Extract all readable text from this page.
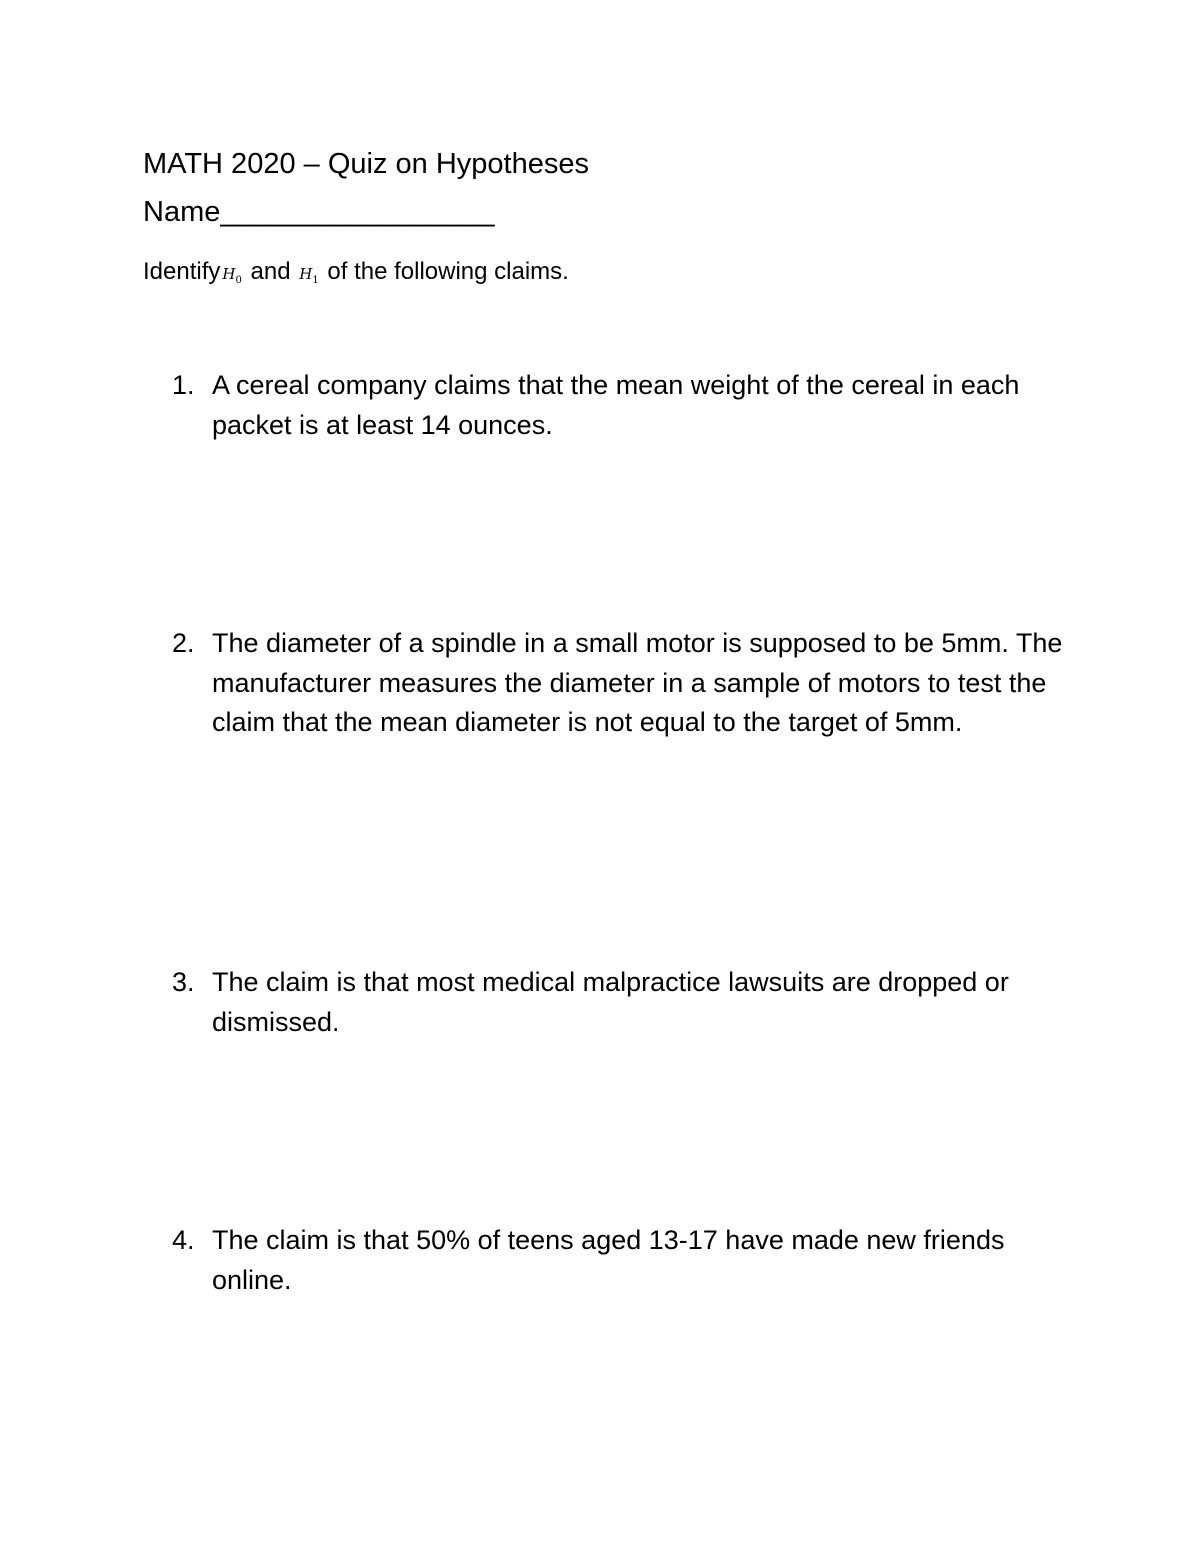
MATH 2020 – Quiz on Hypotheses
Name_________________
Identify $H_0$ and $H_1$ of the following claims.
1. A cereal company claims that the mean weight of the cereal in each packet is at least 14 ounces.
2. The diameter of a spindle in a small motor is supposed to be 5mm. The manufacturer measures the diameter in a sample of motors to test the claim that the mean diameter is not equal to the target of 5mm.
3. The claim is that most medical malpractice lawsuits are dropped or dismissed.
4. The claim is that 50% of teens aged 13-17 have made new friends online.
